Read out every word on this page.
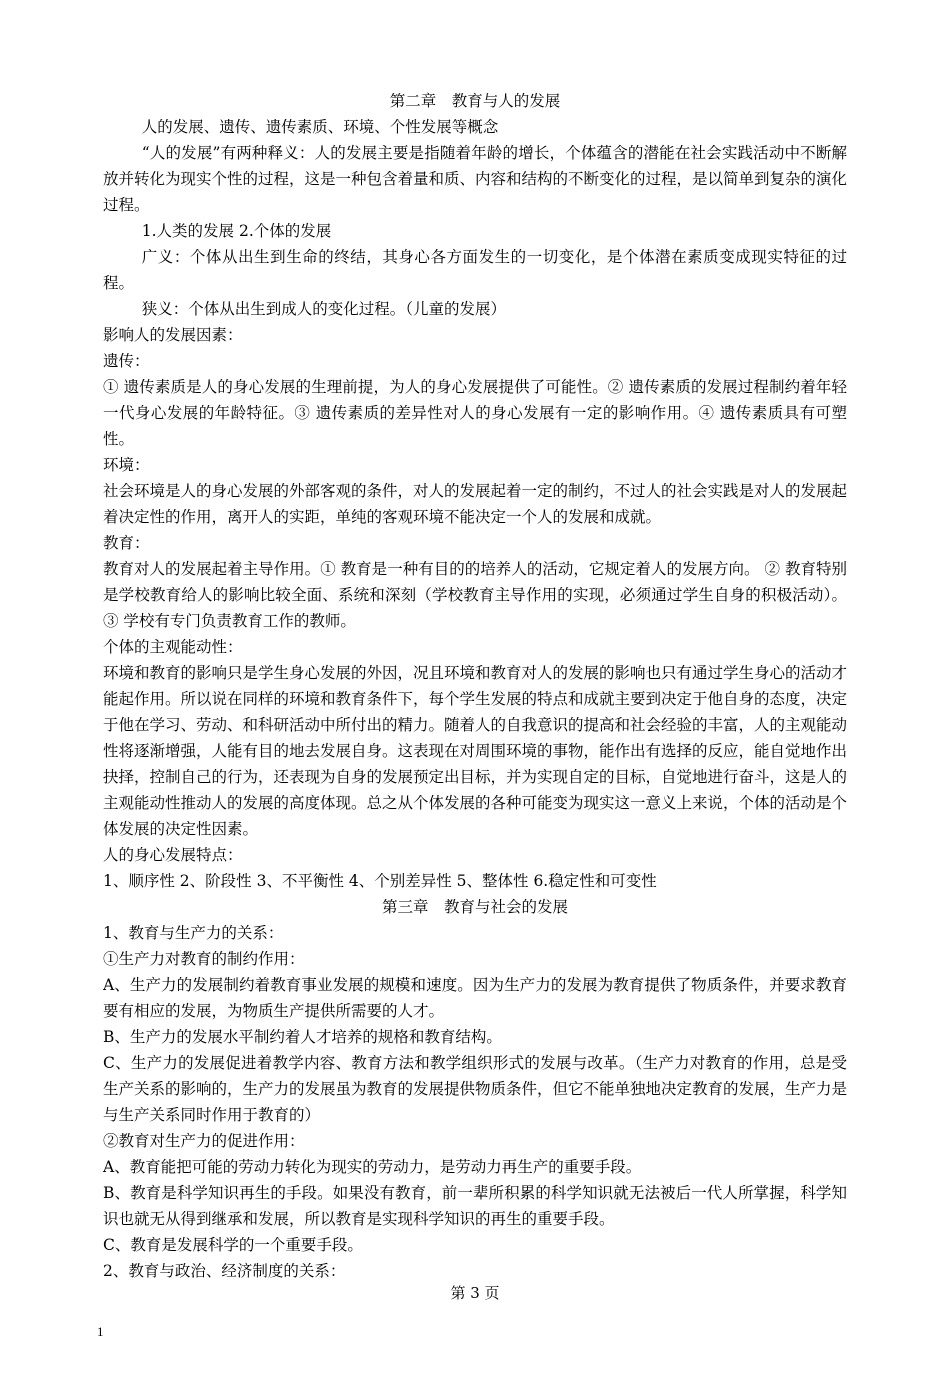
第二章　教育与人的发展

人的发展、遗传、遗传素质、环境、个性发展等概念

“人的发展”有两种释义：人的发展主要是指随着年龄的增长，个体蕴含的潜能在社会实践活动中不断解放并转化为现实个性的过程，这是一种包含着量和质、内容和结构的不断变化的过程，是以简单到复杂的演化过程。

1.人类的发展 2.个体的发展

广义：个体从出生到生命的终结，其身心各方面发生的一切变化，是个体潜在素质变成现实特征的过程。

狭义：个体从出生到成人的变化过程。（儿童的发展）

影响人的发展因素：

遗传：

① 遗传素质是人的身心发展的生理前提，为人的身心发展提供了可能性。② 遗传素质的发展过程制约着年轻一代身心发展的年龄特征。③ 遗传素质的差异性对人的身心发展有一定的影响作用。④ 遗传素质具有可塑性。

环境：

社会环境是人的身心发展的外部客观的条件，对人的发展起着一定的制约，不过人的社会实践是对人的发展起着决定性的作用，离开人的实距，单纯的客观环境不能决定一个人的发展和成就。

教育：

教育对人的发展起着主导作用。① 教育是一种有目的的培养人的活动，它规定着人的发展方向。 ② 教育特别是学校教育给人的影响比较全面、系统和深刻（学校教育主导作用的实现，必须通过学生自身的积极活动）。③ 学校有专门负责教育工作的教师。

个体的主观能动性：

环境和教育的影响只是学生身心发展的外因，况且环境和教育对人的发展的影响也只有通过学生身心的活动才能起作用。所以说在同样的环境和教育条件下，每个学生发展的特点和成就主要到决定于他自身的态度，决定于他在学习、劳动、和科研活动中所付出的精力。随着人的自我意识的提高和社会经验的丰富，人的主观能动性将逐渐增强，人能有目的地去发展自身。这表现在对周围环境的事物，能作出有选择的反应，能自觉地作出抉择，控制自己的行为，还表现为自身的发展预定出目标，并为实现自定的目标，自觉地进行奋斗，这是人的主观能动性推动人的发展的高度体现。总之从个体发展的各种可能变为现实这一意义上来说，个体的活动是个体发展的决定性因素。

人的身心发展特点：

1、顺序性 2、阶段性 3、不平衡性 4、个别差异性 5、整体性 6.稳定性和可变性

第三章　教育与社会的发展

1、教育与生产力的关系：

①生产力对教育的制约作用：

A、生产力的发展制约着教育事业发展的规模和速度。因为生产力的发展为教育提供了物质条件，并要求教育要有相应的发展，为物质生产提供所需要的人才。

B、生产力的发展水平制约着人才培养的规格和教育结构。

C、生产力的发展促进着教学内容、教育方法和教学组织形式的发展与改革。（生产力对教育的作用，总是受生产关系的影响的，生产力的发展虽为教育的发展提供物质条件，但它不能单独地决定教育的发展，生产力是与生产关系同时作用于教育的）

②教育对生产力的促进作用：

A、教育能把可能的劳动力转化为现实的劳动力，是劳动力再生产的重要手段。

B、教育是科学知识再生的手段。如果没有教育，前一辈所积累的科学知识就无法被后一代人所掌握，科学知识也就无从得到继承和发展，所以教育是实现科学知识的再生的重要手段。

C、教育是发展科学的一个重要手段。

2、教育与政治、经济制度的关系：

第 3 页
1
